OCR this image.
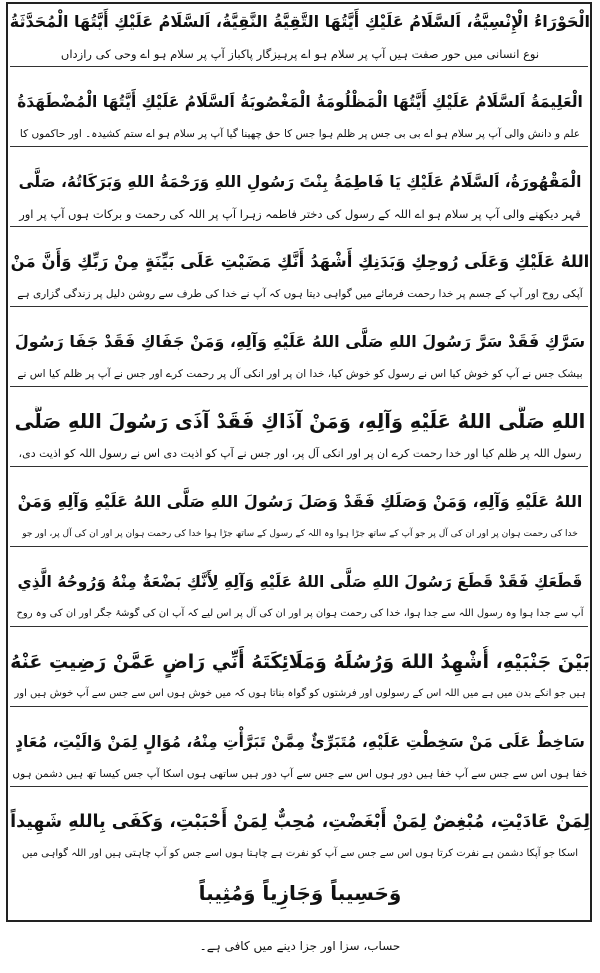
الْحَوْرَاءُ الْإِنْسِيَّةُ، اَلسَّلَامُ عَلَيْكِ أَيَّتُهَا التَّقِيَّةُ النَّقِيَّةُ، اَلسَّلَامُ عَلَيْكِ أَيَّتُهَا الْمُحَدَّثَةُ
نوع انسانی میں حور صفت ہیں آپ پر سلام ہو اے پرہیزگار پاکباز آپ پر سلام ہو اے وحی کی رازداں
الْعَلِيمَةُ اَلسَّلَامُ عَلَيْكِ أَيَّتُهَا الْمَظْلُومَةُ الْمَغْصُوبَةُ اَلسَّلَامُ عَلَيْكِ أَيَّتُهَا الْمُضْطَهَدَةُ
علم و دانش والی آپ پر سلام ہو اے بی بی جس پر ظلم ہوا جس کا حق چھینا گیا آپ پر سلام ہو اے ستم کشیدہ۔ اور حاکموں کا
الْمَقْهُورَةُ، اَلسَّلَامُ عَلَيْكِ يَا فَاطِمَةُ بِنْتَ رَسُولِ اللهِ وَرَحْمَةُ اللهِ وَبَرَكَاتُهُ، صَلَّى
قہر دیکھنے والی آپ پر سلام ہو اے اللہ کے رسول کی دختر فاطمہ زہرا آپ پر اللہ کی رحمت و برکات ہوں آپ پر اور
اللهُ عَلَيْكِ وَعَلَى رُوحِكِ وَبَدَنِكِ أَشْهَدُ أَنَّكِ مَضَيْتِ عَلَى بَيِّنَةٍ مِنْ رَبِّكِ وَأَنَّ مَنْ
آپکی روح اور آپ کے جسم پر خدا رحمت فرمائے میں گواہی دیتا ہوں کہ آپ نے خدا کی طرف سے روشن دلیل پر زندگی گزاری ہے
سَرَّكِ فَقَدْ سَرَّ رَسُولَ اللهِ صَلَّى اللهُ عَلَيْهِ وَآلِهِ، وَمَنْ جَفَاكِ فَقَدْ جَفَا رَسُولَ
بیشک جس نے آپ کو خوش کیا اس نے رسول کو خوش کیا، خدا ان پر اور انکی آل پر رحمت کرے اور جس نے آپ پر ظلم کیا اس نے
اللهِ صَلَّى اللهُ عَلَيْهِ وَآلِهِ، وَمَنْ آذَاكِ فَقَدْ آذَى رَسُولَ اللهِ صَلَّى
رسول اللہ پر ظلم کیا اور خدا رحمت کرے ان پر اور انکی آل پر، اور جس نے آپ کو اذیت دی اس نے رسول اللہ کو اذیت دی،
اللهُ عَلَيْهِ وَآلِهِ، وَمَنْ وَصَلَكِ فَقَدْ وَصَلَ رَسُولَ اللهِ صَلَّى اللهُ عَلَيْهِ وَآلِهِ وَمَنْ
خدا کی رحمت ہوان پر اور ان کی آل پر جو آپ کے ساتھ جڑا ہوا وہ اللہ کے رسول کے ساتھ جڑا ہوا خدا کی رحمت ہوان پر اور ان کی آل پر، اور جو
قَطَعَكِ فَقَدْ قَطَعَ رَسُولَ اللهِ صَلَّى اللهُ عَلَيْهِ وَآلِهِ لِأَنَّكِ بَضْعَةٌ مِنْهُ وَرُوحُهُ الَّذِي
آپ سے جدا ہوا وہ رسول اللہ سے جدا ہوا، خدا کی رحمت ہوان پر اور ان کی آل پر اس لیے کہ آپ ان کی گوشۂ جگر اور ان کی وہ روح
بَيْنَ جَنْبَيْهِ، أُشْهِدُ اللهَ وَرُسُلَهُ وَمَلَائِكَتَهُ أَنِّي رَاضٍ عَمَّنْ رَضِيتِ عَنْهُ
ہیں جو انکے بدن میں ہے میں اللہ اس کے رسولوں اور فرشتوں کو گواہ بناتا ہوں کہ میں خوش ہوں اس سے جس سے آپ خوش ہیں اور
سَاخِطٌ عَلَى مَنْ سَخِطْتِ عَلَيْهِ، مُتَبَرِّئٌ مِمَّنْ تَبَرَّأْتِ مِنْهُ، مُوَالٍ لِمَنْ وَالَيْتِ، مُعَادٍ
خفا ہوں اس سے جس سے آپ خفا ہیں دور ہوں اس سے جس سے آپ دور ہیں ساتھی ہوں اسکا آپ جس کیسا تھ ہیں دشمن ہوں
لِمَنْ عَادَيْتِ، مُبْغِضٌ لِمَنْ أَبْغَضْتِ، مُحِبٌّ لِمَنْ أَحْبَبْتِ، وَكَفَى بِاللهِ شَهِيداً
اسکا جو آپکا دشمن ہے نفرت کرتا ہوں اس سے جس سے آپ کو نفرت ہے چاہتا ہوں اسے جس کو آپ چاہتی ہیں اور اللہ گواہی میں
وَحَسِيباً وَجَازِياً وَمُثِيباً
حساب، سزا اور جزا دینے میں کافی ہے۔
